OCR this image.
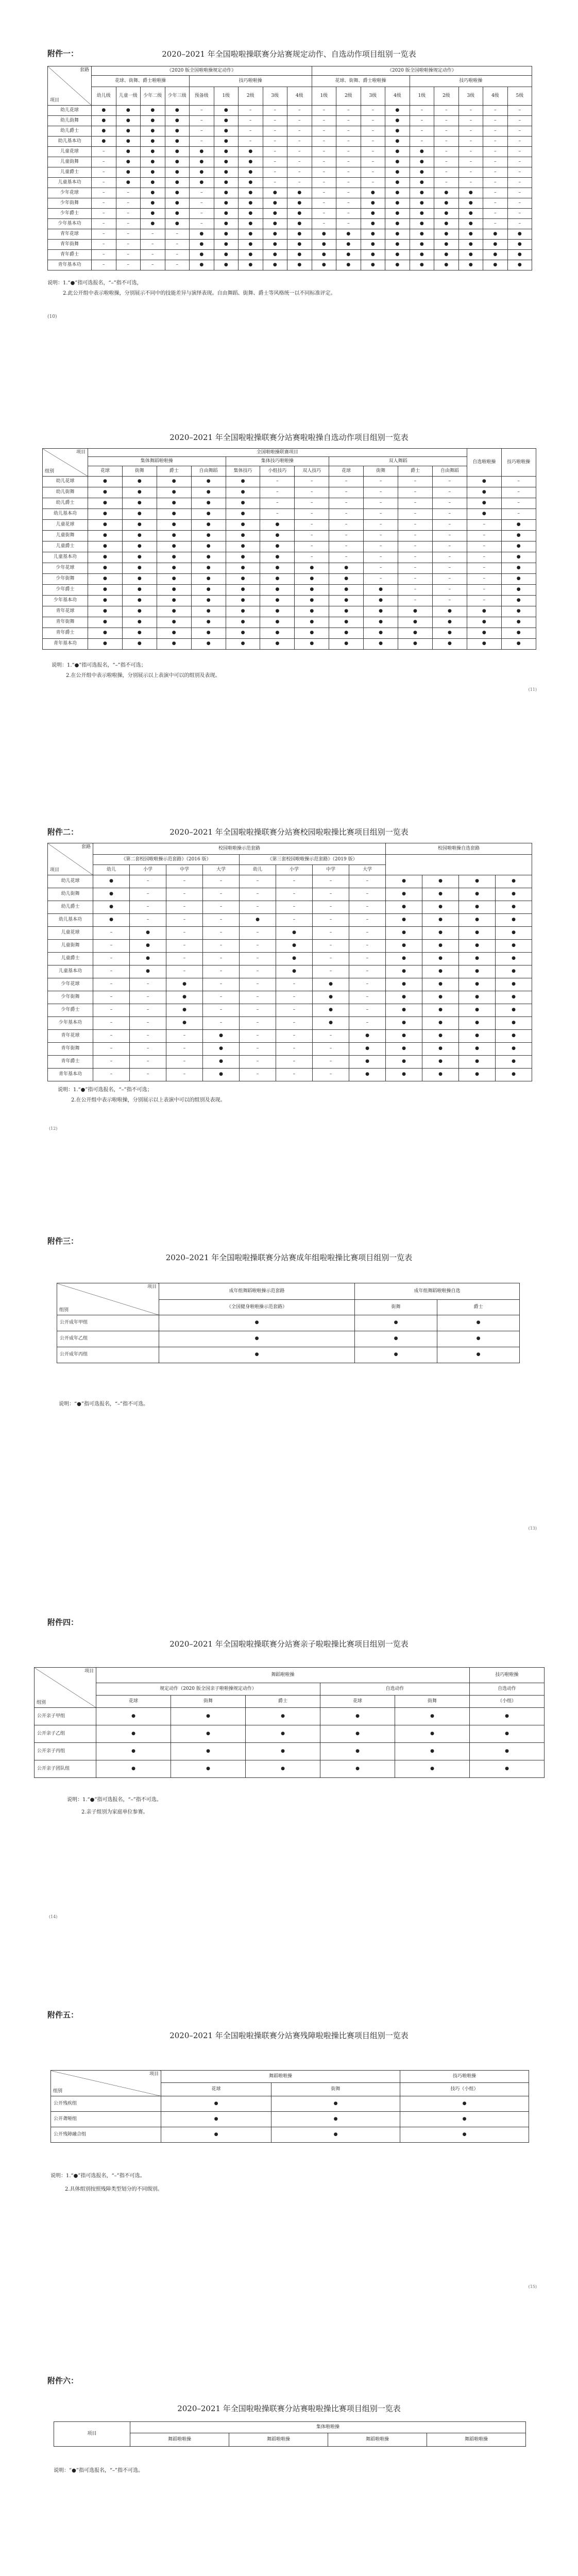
附件一：	2020–2021 年全国啦啦操联赛分站赛规定动作、自选动作项目组别一览表
套路
项目	《2020 版全国啦啦操规定动作》									《2020 版全国啦啦操规定动作》								
	花球、街舞、爵士啦啦操				技巧啦啦操					花球、街舞、爵士啦啦操				技巧啦啦操				
	幼儿级	儿童一级	少年二级	少年三级	预备级	1级	2级	3级	4级	1级	2级	3级	4级	1级	2级	3级	4级	5级
幼儿花球	●	●	●	●	–	●	–	–	–	–	–	–	●	–	–	–	–	–
幼儿街舞	●	●	●	●	–	●	–	–	–	–	–	–	●	–	–	–	–	–
幼儿爵士	●	●	●	●	–	●	–	–	–	–	–	–	●	–	–	–	–	–
幼儿基本功	●	●	●	●	–	●	–	–	–	–	–	–	●	–	–	–	–	–
儿童花球	–	●	●	●	●	●	●	–	–	–	–	–	●	●	–	–	–	–
儿童街舞	–	●	●	●	●	●	●	–	–	–	–	–	●	●	–	–	–	–
儿童爵士	–	●	●	●	●	●	●	–	–	–	–	–	●	●	–	–	–	–
儿童基本功	–	●	●	●	●	●	●	–	–	–	–	–	●	●	–	–	–	–
少年花球	–	–	●	●	–	●	●	●	●	–	–	●	●	●	●	●	–	–
少年街舞	–	–	●	●	–	●	●	●	●	–	–	●	●	●	●	●	–	–
少年爵士	–	–	●	●	–	●	●	●	●	–	–	●	●	●	●	●	–	–
少年基本功	–	–	●	●	–	●	●	●	●	–	–	●	●	●	●	●	–	–
青年花球	–	–	–	–	●	●	●	●	●	●	●	●	●	●	●	●	●	●
青年街舞	–	–	–	–	●	●	●	●	●	●	●	●	●	●	●	●	●	●
青年爵士	–	–	–	–	●	●	●	●	●	●	●	●	●	●	●	●	●	●
青年基本功	–	–	–	–	●	●	●	●	●	●	●	●	●	●	●	●	●	●
说明：1.“●”指可选报名，“–”指不可选，
2.此公开组中表示啦啦操，分别展示不同中的技能差异与演绎表现。自由舞蹈、街舞、爵士等风格统一以不同标准评定。
(10)
2020–2021 年全国啦啦操联赛分站赛啦啦操自选动作项目组别一览表
项目
组别	全国啦啦操联赛项目											自选啦啦操	技巧啦啦操
	集体舞蹈啦啦操				集体技巧啦啦操			双人舞蹈					
	花球	街舞	爵士	自由舞蹈	集体技巧	小组技巧	双人技巧	花球	街舞	爵士	自由舞蹈		
幼儿花球	●	●	●	●	●	–	–	–	–	–	–	●	–
幼儿街舞	●	●	●	●	●	–	–	–	–	–	–	●	–
幼儿爵士	●	●	●	●	●	–	–	–	–	–	–	●	–
幼儿基本功	●	●	●	●	●	–	–	–	–	–	–	●	–
儿童花球	●	●	●	●	●	●	–	–	–	–	–	–	●
儿童街舞	●	●	●	●	●	●	–	–	–	–	–	–	●
儿童爵士	●	●	●	●	●	●	–	–	–	–	–	–	●
儿童基本功	●	●	●	●	●	●	–	–	–	–	–	–	●
少年花球	●	●	●	●	●	●	●	●	–	–	–	–	●
少年街舞	●	●	●	●	●	●	●	●	–	–	–	–	●
少年爵士	●	●	●	●	●	●	●	●	●	–	–	–	●
少年基本功	●	●	●	●	●	●	●	●	●	–	–	–	●
青年花球	●	●	●	●	●	●	●	●	●	●	●	●	●
青年街舞	●	●	●	●	●	●	●	●	●	●	●	●	●
青年爵士	●	●	●	●	●	●	●	●	●	●	●	●	●
青年基本功	●	●	●	●	●	●	●	●	●	●	●	●	●
说明：1.“●”指可选报名，“–”指不可选；
2.在公开组中表示啦啦操，分别展示以上表演中可以的组别及表现。
(11)
附件二：	2020–2021 年全国啦啦操联赛分站赛校园啦啦操比赛项目组别一览表
套路
项目	校园啦啦操示范套路								校园啦啦操自选套路			
	《第二套校园啦啦操示范套路》（2016 版）				《第三套校园啦啦操示范套路》（2019 版）							
	幼儿	小学	中学	大学	幼儿	小学	中学	大学				
幼儿花球	●	–	–	–	–	–	–	–	●	●	●	●
幼儿街舞	●	–	–	–	–	–	–	–	●	●	●	●
幼儿爵士	●	–	–	–	–	–	–	–	●	●	●	●
幼儿基本功	●	–	–	–	●	–	–	–	●	●	●	●
儿童花球	–	●	–	–	–	●	–	–	●	●	●	●
儿童街舞	–	●	–	–	–	●	–	–	●	●	●	●
儿童爵士	–	●	–	–	–	●	–	–	●	●	●	●
儿童基本功	–	●	–	–	–	●	–	–	●	●	●	●
少年花球	–	–	●	–	–	–	●	–	●	●	●	●
少年街舞	–	–	●	–	–	–	●	–	●	●	●	●
少年爵士	–	–	●	–	–	–	●	–	●	●	●	●
少年基本功	–	–	●	–	–	–	●	–	●	●	●	●
青年花球	–	–	–	●	–	–	–	●	●	●	●	●
青年街舞	–	–	–	●	–	–	–	●	●	●	●	●
青年爵士	–	–	–	●	–	–	–	●	●	●	●	●
青年基本功	–	–	–	●	–	–	–	●	●	●	●	●
说明：1.“●”指可选报名，“–”指不可选；
2.在公开组中表示啦啦操，分别展示以上表演中可以的组别及表现。
(12)
附件三：
2020–2021 年全国啦啦操联赛分站赛成年组啦啦操比赛项目组别一览表
项目
组别	成年组舞蹈啦啦操示范套路	成年组舞蹈啦啦操自选	
	《全国健身啦啦操示范套路》	街舞	爵士
公开成年甲组	●	●	●
公开成年乙组	●	●	●
公开成年丙组	●	●	●
说明：“●”指可选报名，“–”指不可选。
(13)
附件四：
2020–2021 年全国啦啦操联赛分站赛亲子啦啦操比赛项目组别一览表
项目
组别	舞蹈啦啦操					技巧啦啦操
	规定动作（2020 版全国亲子啦啦操规定动作）			自选动作		自选动作
	花球	街舞	爵士	花球	街舞	（小组）
公开亲子甲组	●	●	●	●	●	●
公开亲子乙组	●	●	●	●	●	●
公开亲子丙组	●	●	●	●	●	●
公开亲子团队组	●	●	●	●	●	●
说明：1.“●”指可选报名，“–”指不可选。
2.亲子组别为家庭单位参赛。
(14)
附件五：
2020–2021 年全国啦啦操联赛分站赛残障啦啦操比赛项目组别一览表
项目
组别	舞蹈啦啦操		技巧啦啦操
	花球	街舞	技巧（小组）
公开残疾组	●	●	●
公开聋哑组	●	●	●
公开残障融合组	●	●	●
说明：1.“●”指可选报名，“–”指不可选。
2.具体组别按照残障类型划分的不同级别。
(15)
附件六：
2020–2021 年全国啦啦操联赛分站赛啦啦操比赛项目组别一览表
项目	集体啦啦操			
	舞蹈啦啦操	舞蹈啦啦操	舞蹈啦啦操	舞蹈啦啦操
说明：“●”指可选报名，“–”指不可选。
